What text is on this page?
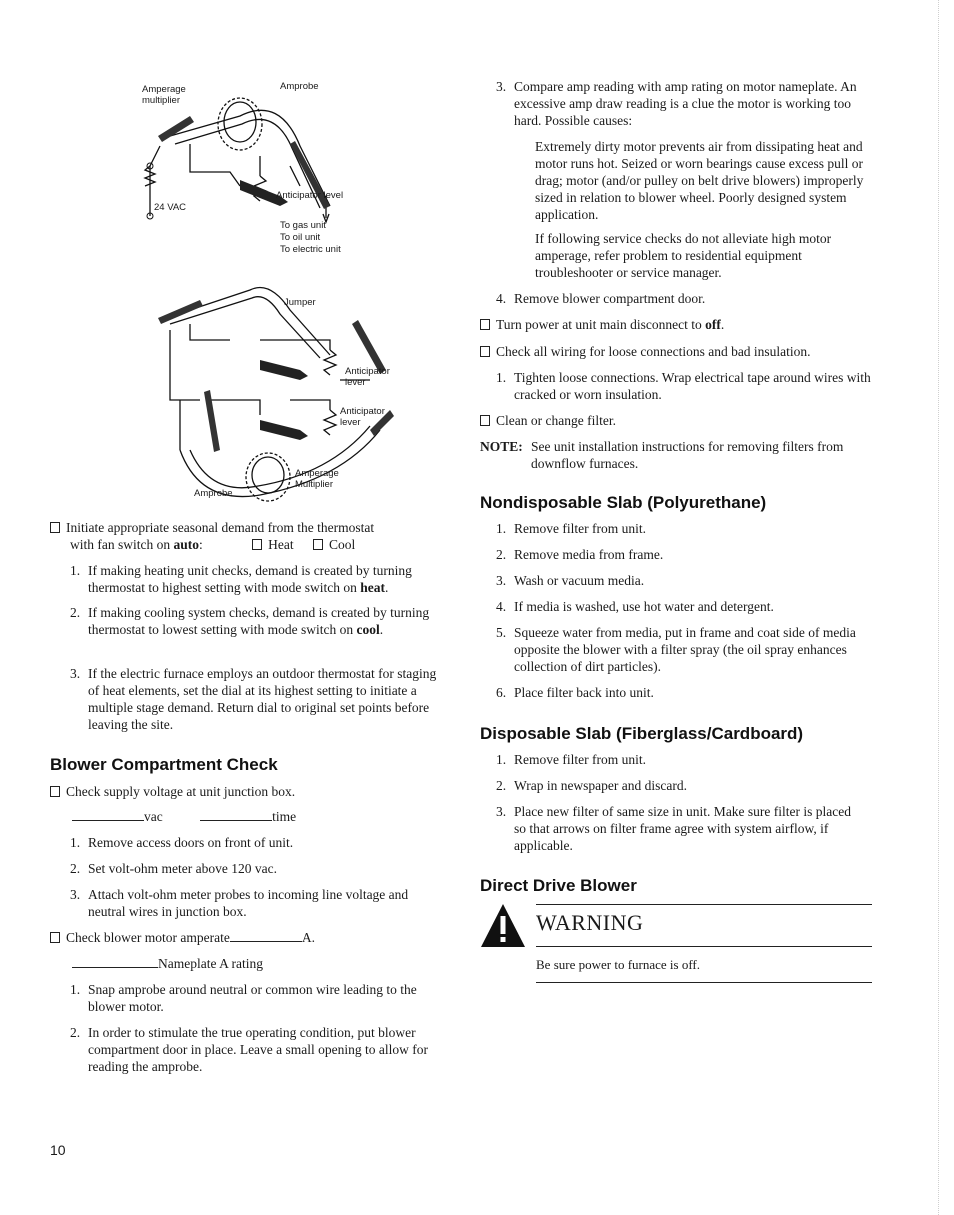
Amperage
multiplier
Amprobe
24 VAC
Anticipator level
To gas unit
To oil unit
To electric unit
Jumper
Anticipator
lever
Anticipator
lever
Amperage
Multiplier
Amprobe
Initiate appropriate seasonal demand from the thermostat
with fan switch on auto:	Heat	Cool
1. If making heating unit checks, demand is created by turning thermostat to highest setting with mode switch on heat.
2. If making cooling system checks, demand is created by turning thermostat to lowest setting with mode switch on cool.
3. If the electric furnace employs an outdoor thermostat for staging of heat elements, set the dial at its highest setting to initiate a multiple stage demand. Return dial to original set points before leaving the site.
Blower Compartment Check
Check supply voltage at unit junction box.
vac	time
1. Remove access doors on front of unit.
2. Set volt-ohm meter above 120 vac.
3. Attach volt-ohm meter probes to incoming line voltage and neutral wires in junction box.
Check blower motor amperate	A.
Nameplate A rating
1. Snap amprobe around neutral or common wire leading to the blower motor.
2. In order to stimulate the true operating condition, put blower compartment door in place. Leave a small opening to allow for reading the amprobe.
3. Compare amp reading with amp rating on motor nameplate. An excessive amp draw reading is a clue the motor is working too hard. Possible causes:
Extremely dirty motor prevents air from dissipating heat and motor runs hot. Seized or worn bearings cause excess pull or drag; motor (and/or pulley on belt drive blowers) improperly sized in relation to blower wheel. Poorly designed system application.
If following service checks do not alleviate high motor amperage, refer problem to residential equipment troubleshooter or service manager.
4. Remove blower compartment door.
Turn power at unit main disconnect to off.
Check all wiring for loose connections and bad insulation.
1. Tighten loose connections. Wrap electrical tape around wires with cracked or worn insulation.
Clean or change filter.
NOTE: See unit installation instructions for removing filters from downflow furnaces.
Nondisposable Slab (Polyurethane)
1. Remove filter from unit.
2. Remove media from frame.
3. Wash or vacuum media.
4. If media is washed, use hot water and detergent.
5. Squeeze water from media, put in frame and coat side of media opposite the blower with a filter spray (the oil spray enhances collection of dirt particles).
6. Place filter back into unit.
Disposable Slab (Fiberglass/Cardboard)
1. Remove filter from unit.
2. Wrap in newspaper and discard.
3. Place new filter of same size in unit. Make sure filter is placed so that arrows on filter frame agree with system airflow, if applicable.
Direct Drive Blower
WARNING
Be sure power to furnace is off.
10
